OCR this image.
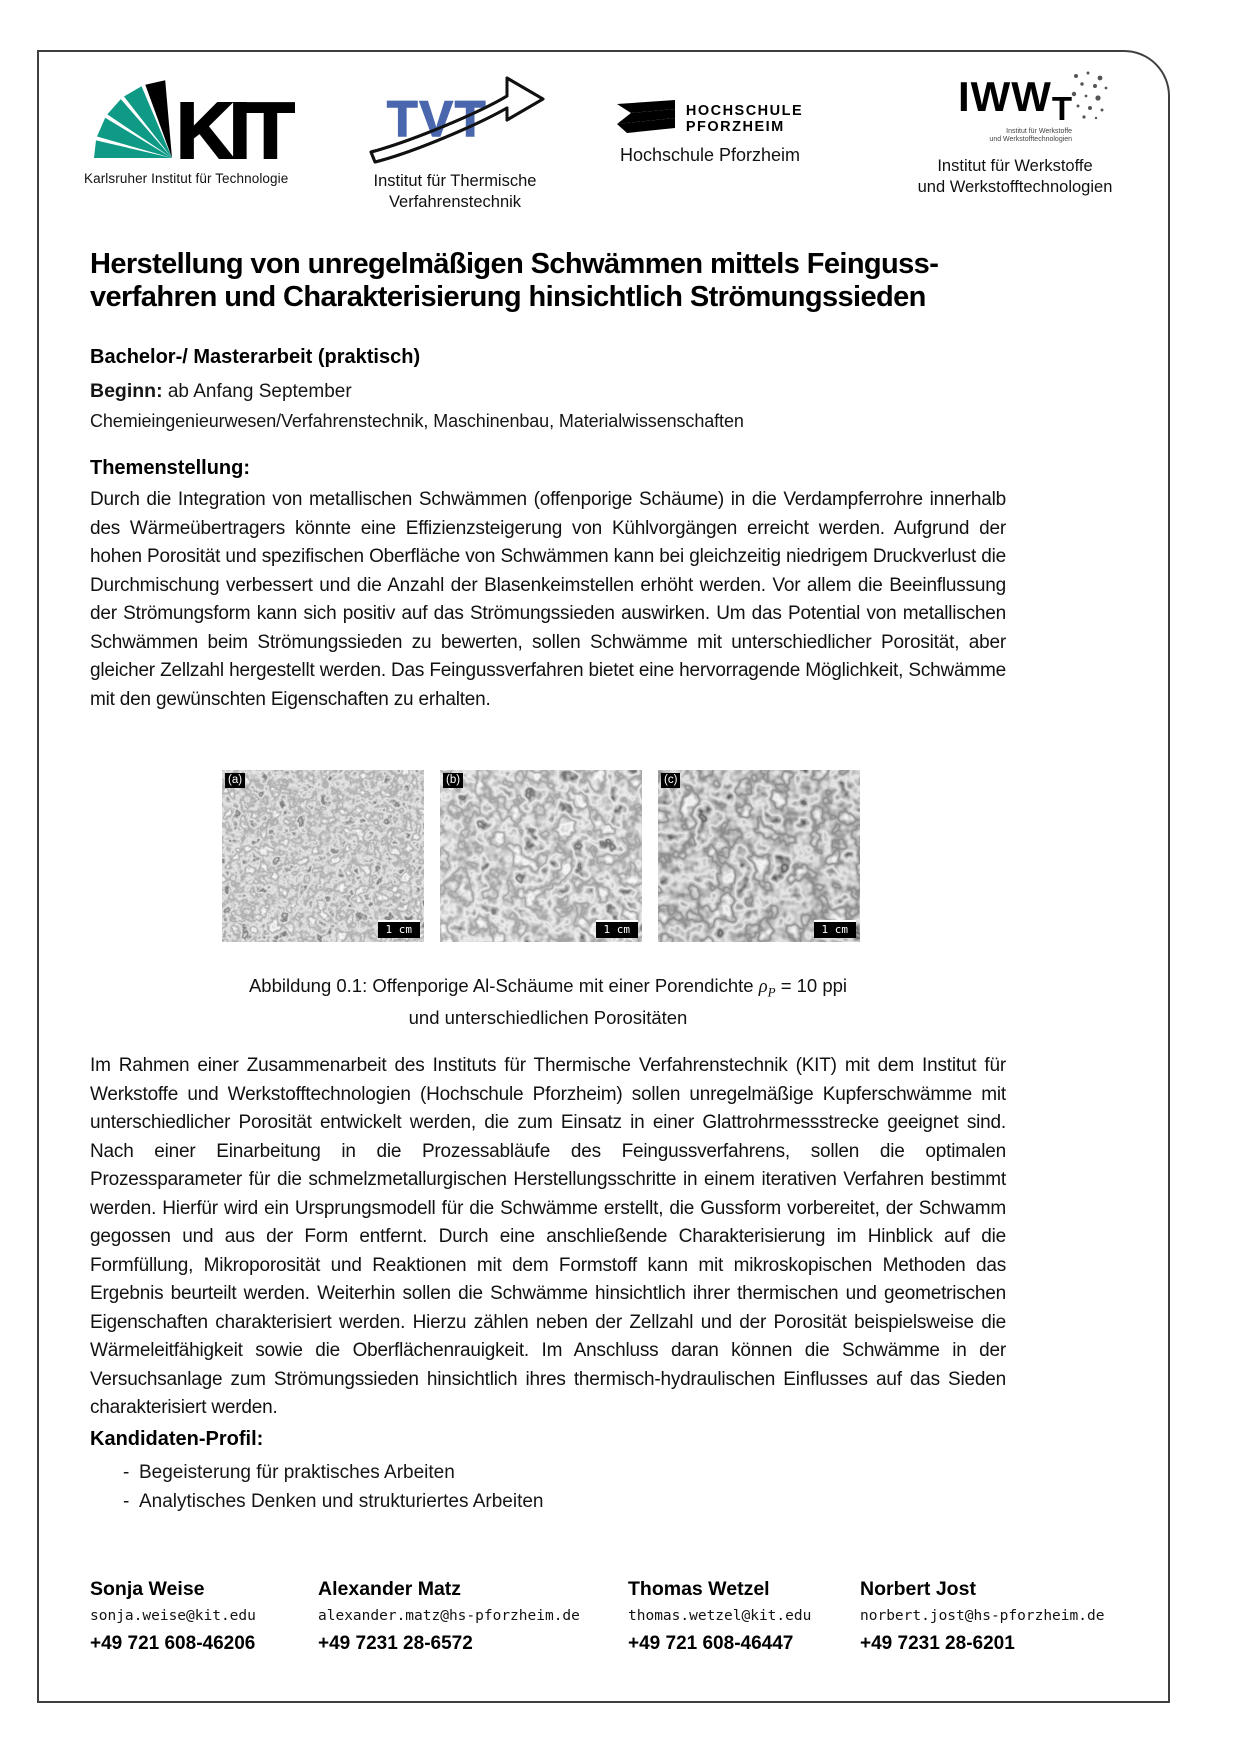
KIT
Karlsruher Institut für Technologie
TVT
Institut für Thermische
Verfahrenstechnik
HOCHSCHULE
PFORZHEIM
Hochschule Pforzheim
$IWW_T$
Institut für Werkstoffe
und Werkstofftechnologien
Institut für Werkstoffe
und Werkstofftechnologien
Herstellung von unregelmäßigen Schwämmen mittels Feinguss-
verfahren und Charakterisierung hinsichtlich Strömungssieden
Bachelor-/ Masterarbeit (praktisch)
Beginn: ab Anfang September
Chemieingenieurwesen/Verfahrenstechnik, Maschinenbau, Materialwissenschaften
Themenstellung:
Durch die Integration von metallischen Schwämmen (offenporige Schäume) in die Verdampferrohre innerhalb des Wärmeübertragers könnte eine Effizienzsteigerung von Kühlvorgängen erreicht werden. Aufgrund der hohen Porosität und spezifischen Oberfläche von Schwämmen kann bei gleichzeitig niedrigem Druckverlust die Durchmischung verbessert und die Anzahl der Blasenkeimstellen erhöht werden. Vor allem die Beeinflussung der Strömungsform kann sich positiv auf das Strömungssieden auswirken. Um das Potential von metallischen Schwämmen beim Strömungssieden zu bewerten, sollen Schwämme mit unterschiedlicher Porosität, aber gleicher Zellzahl hergestellt werden. Das Feingussverfahren bietet eine hervorragende Möglichkeit, Schwämme mit den gewünschten Eigenschaften zu erhalten.
(a)
1 cm
(b)
1 cm
(c)
1 cm
Abbildung 0.1: Offenporige Al-Schäume mit einer Porendichte $\rho_P = 10$ ppi
und unterschiedlichen Porositäten
Im Rahmen einer Zusammenarbeit des Instituts für Thermische Verfahrenstechnik (KIT) mit dem Institut für Werkstoffe und Werkstofftechnologien (Hochschule Pforzheim) sollen unregelmäßige Kupferschwämme mit unterschiedlicher Porosität entwickelt werden, die zum Einsatz in einer Glattrohrmessstrecke geeignet sind. Nach einer Einarbeitung in die Prozessabläufe des Feingussverfahrens, sollen die optimalen Prozessparameter für die schmelzmetallurgischen Herstellungsschritte in einem iterativen Verfahren bestimmt werden. Hierfür wird ein Ursprungsmodell für die Schwämme erstellt, die Gussform vorbereitet, der Schwamm gegossen und aus der Form entfernt. Durch eine anschließende Charakterisierung im Hinblick auf die Formfüllung, Mikroporosität und Reaktionen mit dem Formstoff kann mit mikroskopischen Methoden das Ergebnis beurteilt werden. Weiterhin sollen die Schwämme hinsichtlich ihrer thermischen und geometrischen Eigenschaften charakterisiert werden. Hierzu zählen neben der Zellzahl und der Porosität beispielsweise die Wärmeleitfähigkeit sowie die Oberflächenrauigkeit. Im Anschluss daran können die Schwämme in der Versuchsanlage zum Strömungssieden hinsichtlich ihres thermisch-hydraulischen Einflusses auf das Sieden charakterisiert werden.
Kandidaten-Profil:
- Begeisterung für praktisches Arbeiten
- Analytisches Denken und strukturiertes Arbeiten
Sonja Weise
sonja.weise@kit.edu
+49 721 608-46206
Alexander Matz
alexander.matz@hs-pforzheim.de
+49 7231 28-6572
Thomas Wetzel
thomas.wetzel@kit.edu
+49 721 608-46447
Norbert Jost
norbert.jost@hs-pforzheim.de
+49 7231 28-6201
